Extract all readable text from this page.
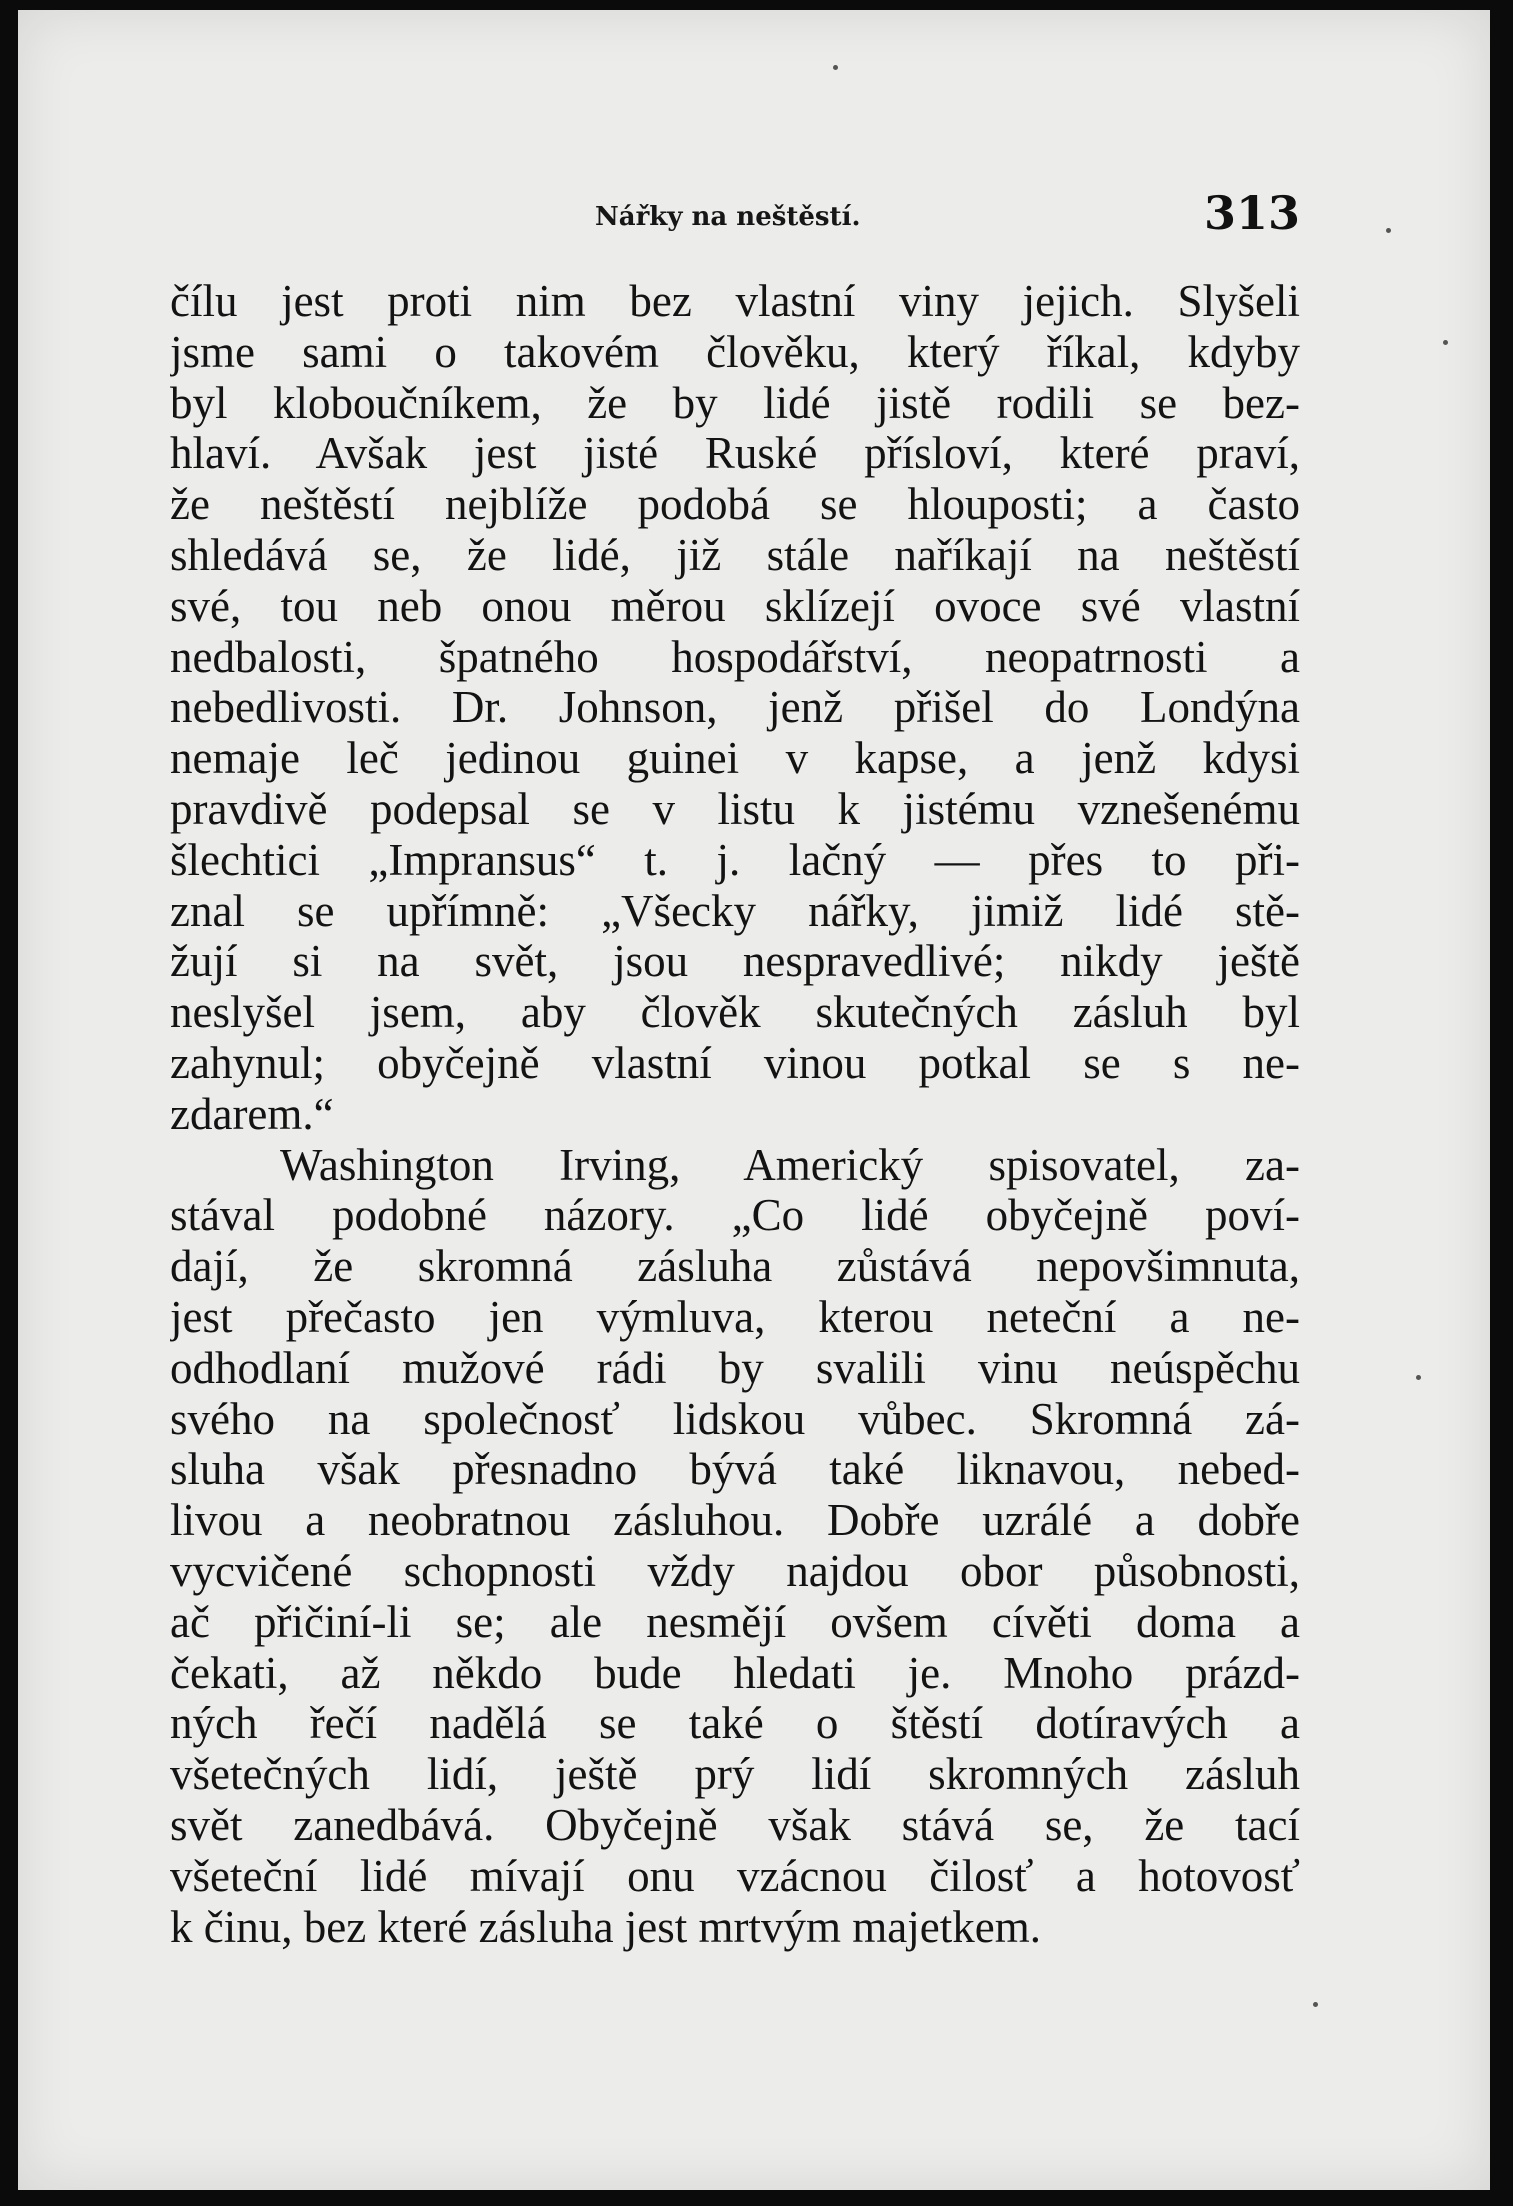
Nářky na neštěstí.	313
čílu jest proti nim bez vlastní viny jejich. Slyšeli
jsme sami o takovém člověku, který říkal, kdyby
byl kloboučníkem, že by lidé jistě rodili se bez-
hlaví. Avšak jest jisté Ruské přísloví, které praví,
že neštěstí nejblíže podobá se hlouposti; a často
shledává se, že lidé, již stále naříkají na neštěstí
své, tou neb onou měrou sklízejí ovoce své vlastní
nedbalosti, špatného hospodářství, neopatrnosti a
nebedlivosti. Dr. Johnson, jenž přišel do Londýna
nemaje leč jedinou guinei v kapse, a jenž kdysi
pravdivě podepsal se v listu k jistému vznešenému
šlechtici „Impransus“ t. j. lačný — přes to při-
znal se upřímně: „Všecky nářky, jimiž lidé stě-
žují si na svět, jsou nespravedlivé; nikdy ještě
neslyšel jsem, aby člověk skutečných zásluh byl
zahynul; obyčejně vlastní vinou potkal se s ne-
zdarem.“
Washington Irving, Americký spisovatel, za-
stával podobné názory. „Co lidé obyčejně poví-
dají, že skromná zásluha zůstává nepovšimnuta,
jest přečasto jen výmluva, kterou neteční a ne-
odhodlaní mužové rádi by svalili vinu neúspěchu
svého na společnosť lidskou vůbec. Skromná zá-
sluha však přesnadno bývá také liknavou, nebed-
livou a neobratnou zásluhou. Dobře uzrálé a dobře
vycvičené schopnosti vždy najdou obor působnosti,
ač přičiní-li se; ale nesmějí ovšem cívěti doma a
čekati, až někdo bude hledati je. Mnoho prázd-
ných řečí nadělá se také o štěstí dotíravých a
všetečných lidí, ještě prý lidí skromných zásluh
svět zanedbává. Obyčejně však stává se, že tací
všeteční lidé mívají onu vzácnou čilosť a hotovosť
k činu, bez které zásluha jest mrtvým majetkem.
